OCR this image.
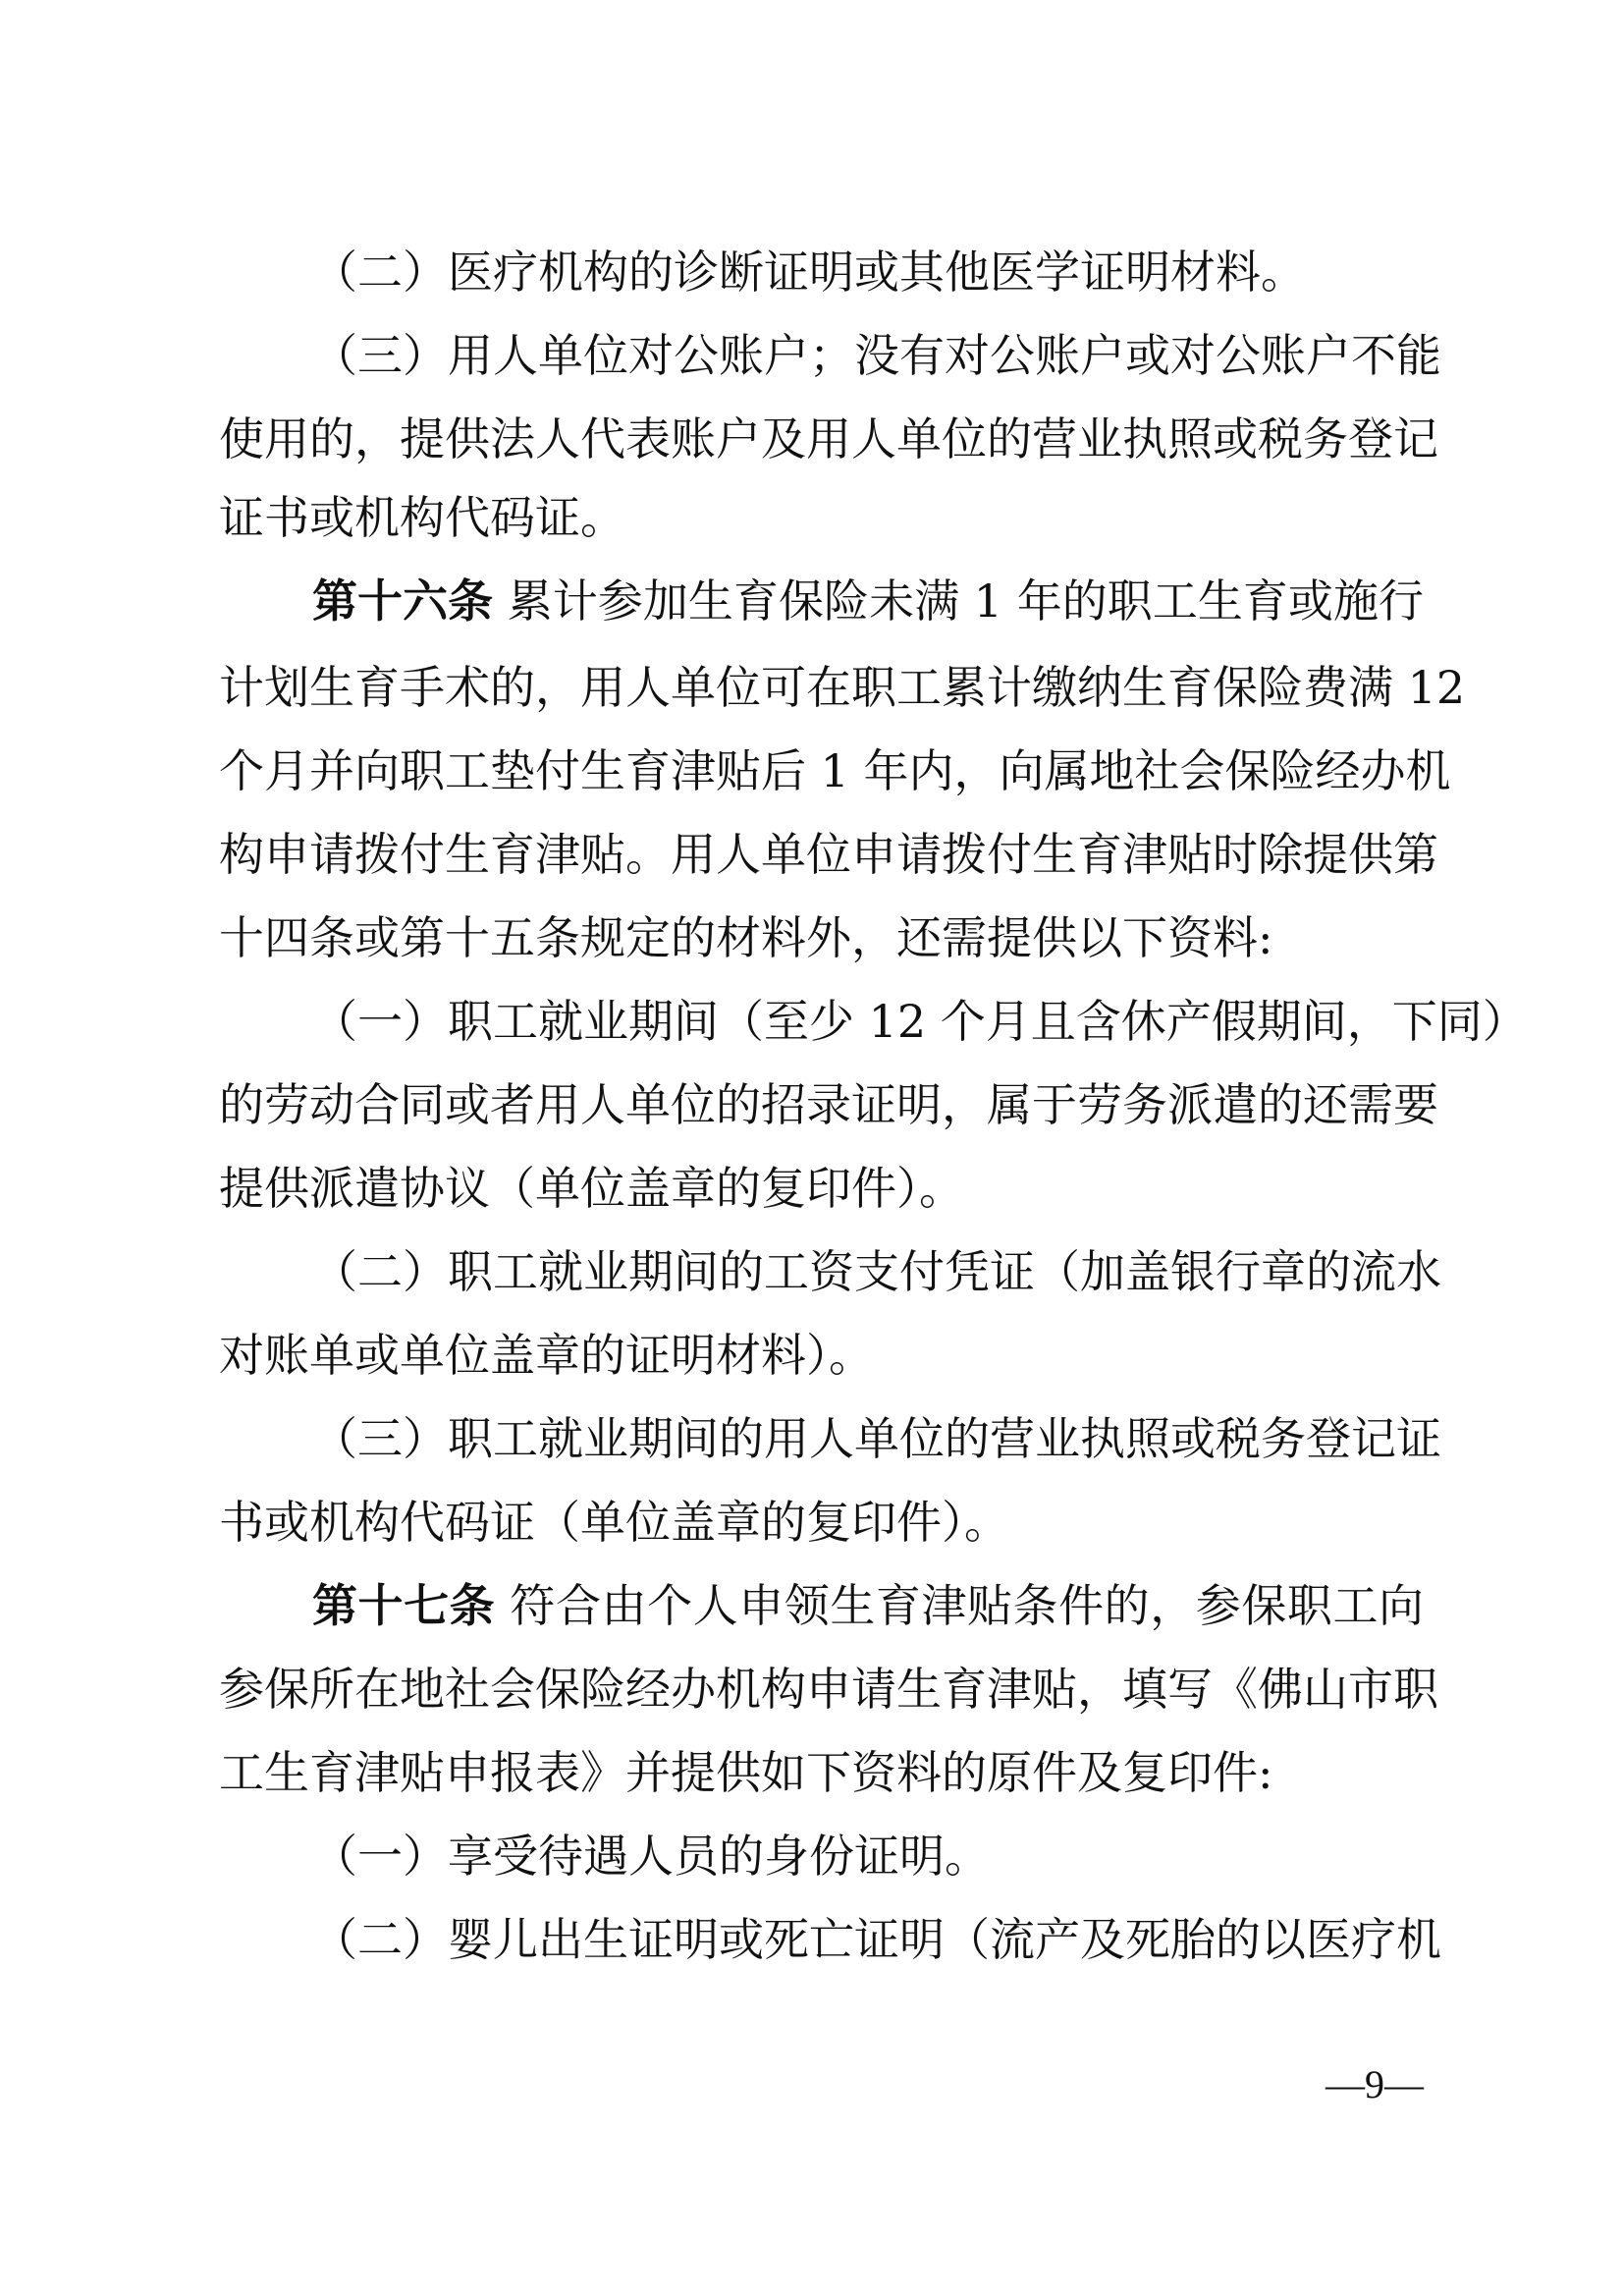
（二）医疗机构的诊断证明或其他医学证明材料。
（三）用人单位对公账户；没有对公账户或对公账户不能
使用的，提供法人代表账户及用人单位的营业执照或税务登记
证书或机构代码证。
第十六条 累计参加生育保险未满 1 年的职工生育或施行
计划生育手术的，用人单位可在职工累计缴纳生育保险费满 12
个月并向职工垫付生育津贴后 1 年内，向属地社会保险经办机
构申请拨付生育津贴。用人单位申请拨付生育津贴时除提供第
十四条或第十五条规定的材料外，还需提供以下资料:
（一）职工就业期间（至少 12 个月且含休产假期间，下同）
的劳动合同或者用人单位的招录证明，属于劳务派遣的还需要
提供派遣协议（单位盖章的复印件）。
（二）职工就业期间的工资支付凭证（加盖银行章的流水
对账单或单位盖章的证明材料）。
（三）职工就业期间的用人单位的营业执照或税务登记证
书或机构代码证（单位盖章的复印件）。
第十七条 符合由个人申领生育津贴条件的，参保职工向
参保所在地社会保险经办机构申请生育津贴，填写《佛山市职
工生育津贴申报表》并提供如下资料的原件及复印件:
（一）享受待遇人员的身份证明。
（二）婴儿出生证明或死亡证明（流产及死胎的以医疗机
—9—
